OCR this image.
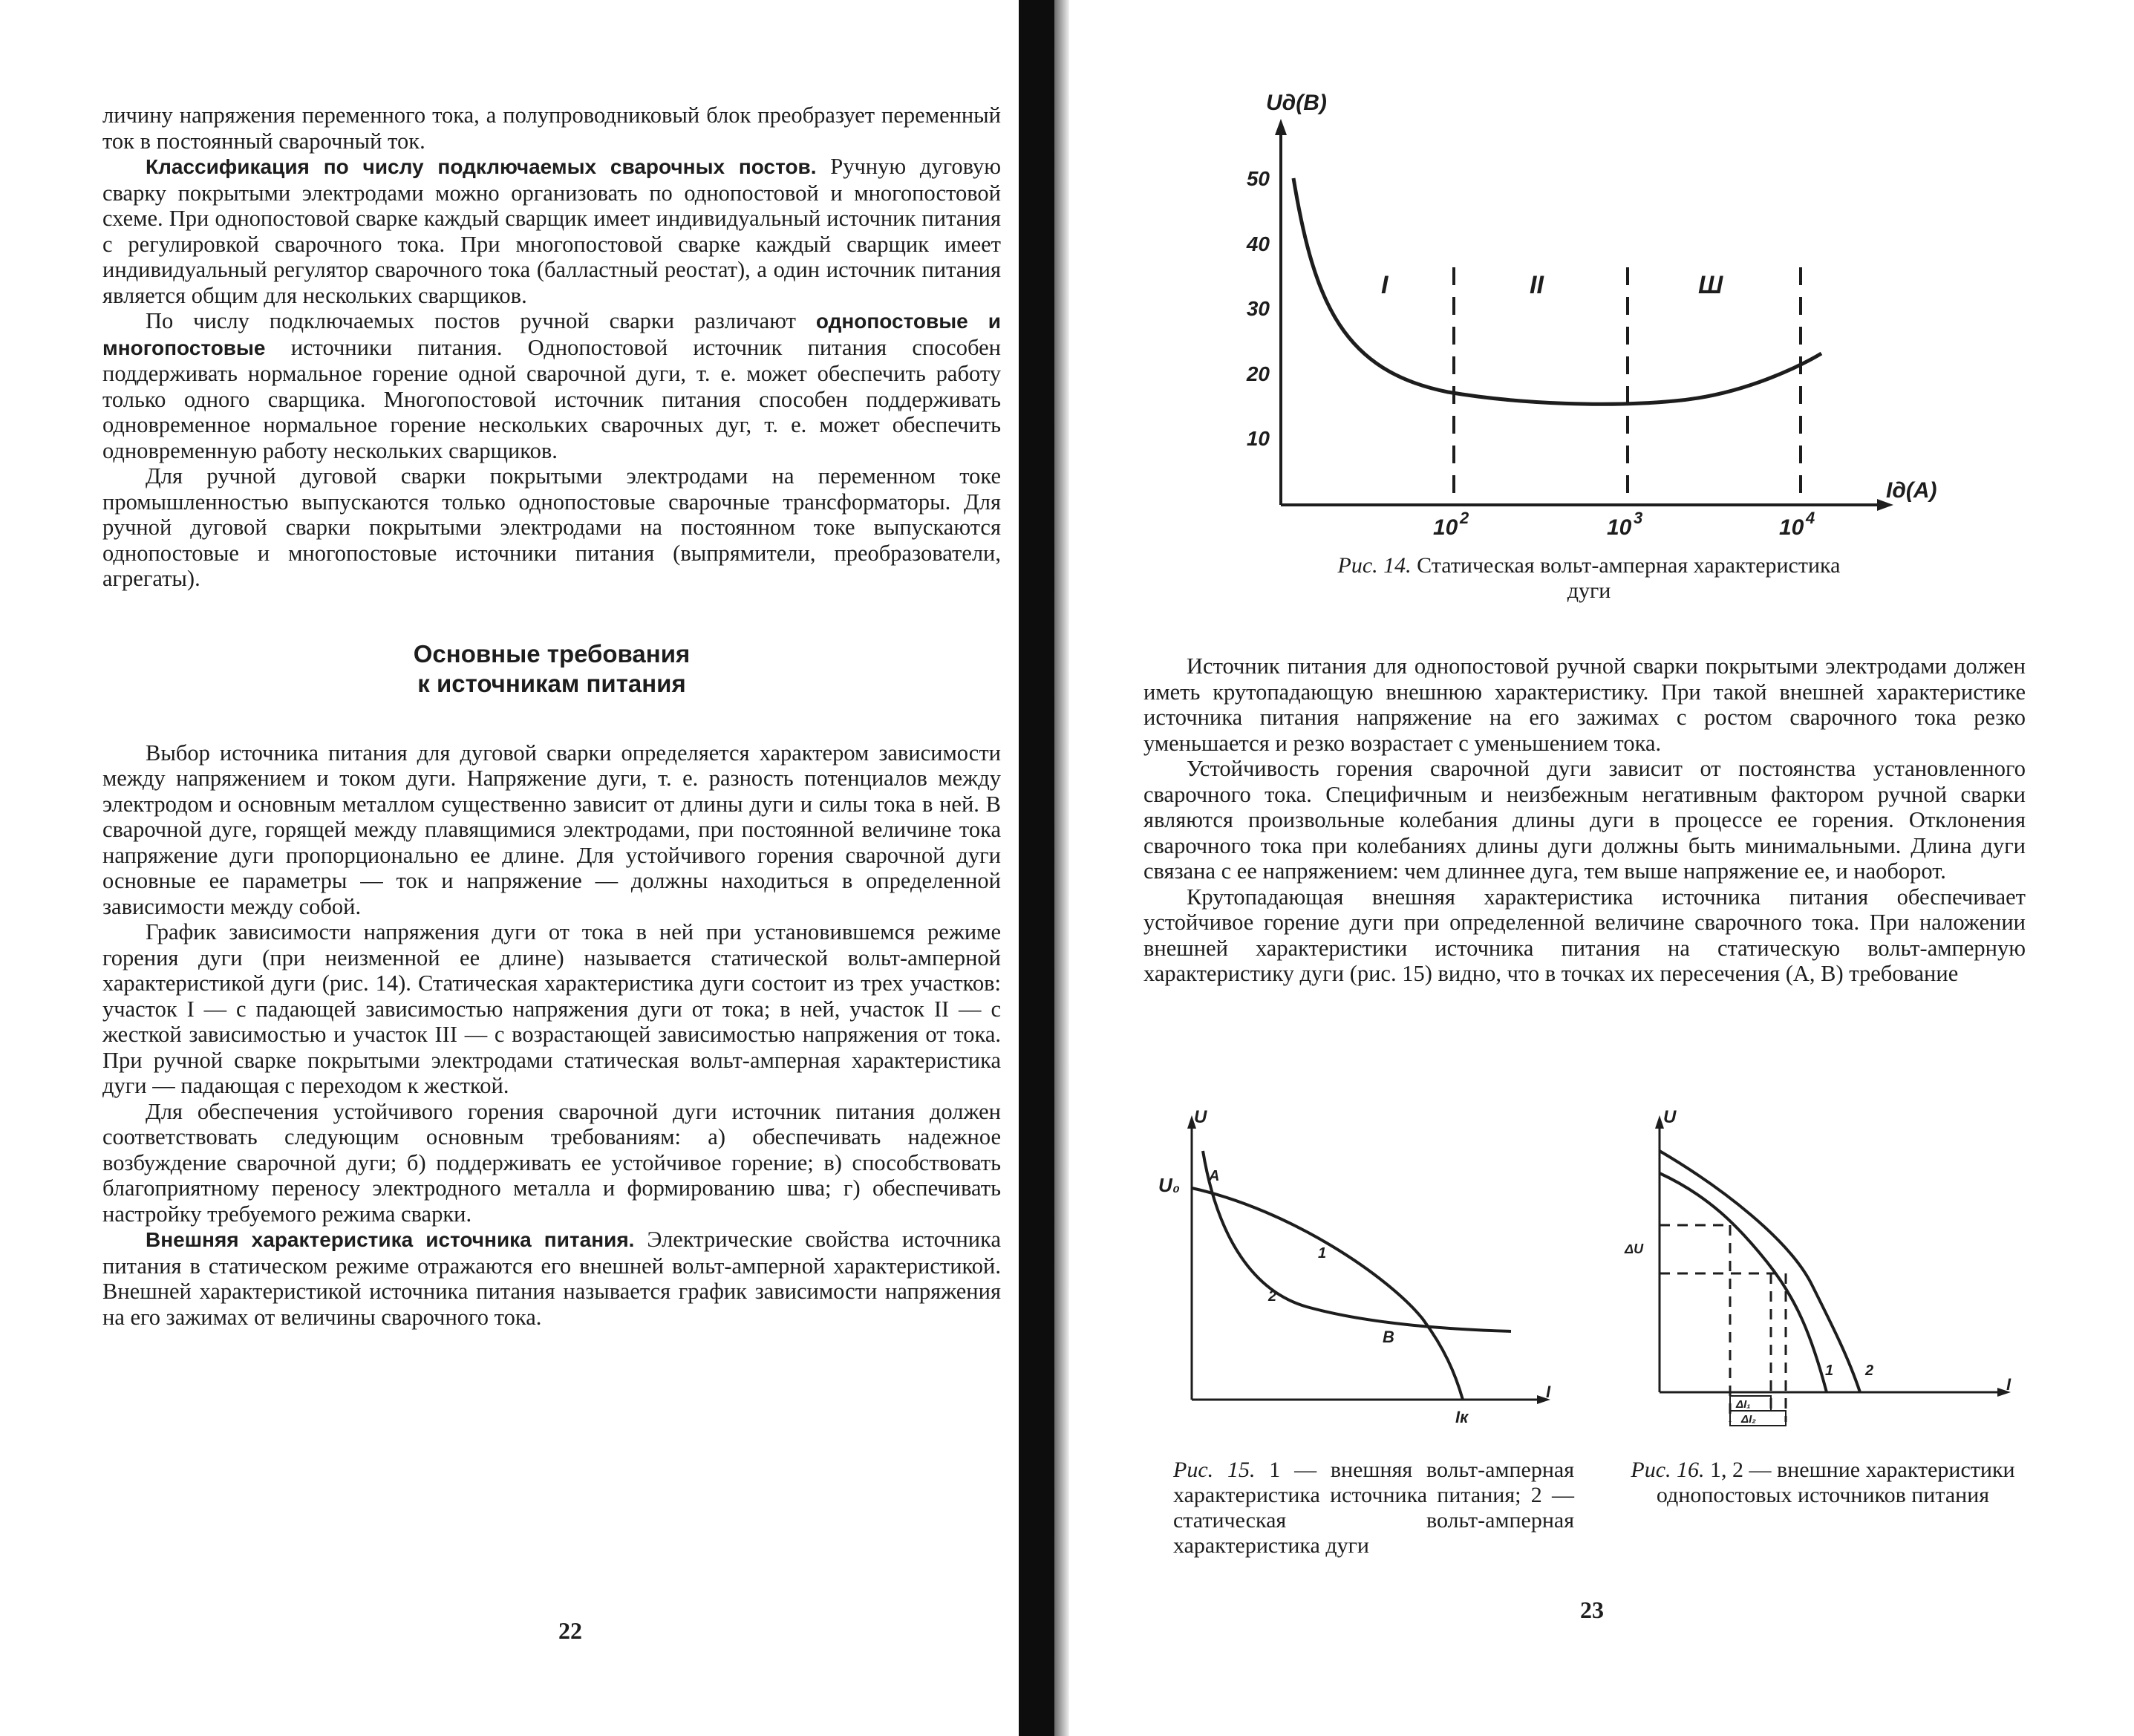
личину напряжения переменного тока, а полупроводниковый блок преобразует переменный ток в постоянный сварочный ток.

Классификация по числу подключаемых сварочных постов. Ручную дуговую сварку покрытыми электродами можно организовать по однопостовой и многопостовой схеме. При однопостовой сварке каждый сварщик имеет индивидуальный источник питания с регулировкой сварочного тока. При многопостовой сварке каждый сварщик имеет индивидуальный регулятор сварочного тока (балластный реостат), а один источник питания является общим для нескольких сварщиков.

По числу подключаемых постов ручной сварки различают однопостовые и многопостовые источники питания. Однопостовой источник питания способен поддерживать нормальное горение одной сварочной дуги, т. е. может обеспечить работу только одного сварщика. Многопостовой источник питания способен поддерживать одновременное нормальное горение нескольких сварочных дуг, т. е. может обеспечить одновременную работу нескольких сварщиков.

Для ручной дуговой сварки покрытыми электродами на переменном токе промышленностью выпускаются только однопостовые сварочные трансформаторы. Для ручной дуговой сварки покрытыми электродами на постоянном токе выпускаются однопостовые и многопостовые источники питания (выпрямители, преобразователи, агрегаты).

Основные требования
к источникам питания

Выбор источника питания для дуговой сварки определяется характером зависимости между напряжением и током дуги. Напряжение дуги, т. е. разность потенциалов между электродом и основным металлом существенно зависит от длины дуги и силы тока в ней. В сварочной дуге, горящей между плавящимися электродами, при постоянной величине тока напряжение дуги пропорционально ее длине. Для устойчивого горения сварочной дуги основные ее параметры — ток и напряжение — должны находиться в определенной зависимости между собой.

График зависимости напряжения дуги от тока в ней при установившемся режиме горения дуги (при неизменной ее длине) называется статической вольт-амперной характеристикой дуги (рис. 14). Статическая характеристика дуги состоит из трех участков: участок I — с падающей зависимостью напряжения дуги от тока; в ней, участок II — с жесткой зависимостью и участок III — с возрастающей зависимостью напряжения от тока. При ручной сварке покрытыми электродами статическая вольт-амперная характеристика дуги — падающая с переходом к жесткой.

Для обеспечения устойчивого горения сварочной дуги источник питания должен соответствовать следующим основным требованиям: а) обеспечивать надежное возбуждение сварочной дуги; б) поддерживать ее устойчивое горение; в) способствовать благоприятному переносу электродного металла и формированию шва; г) обеспечивать настройку требуемого режима сварки.

Внешняя характеристика источника питания. Электрические свойства источника питания в статическом режиме отражаются его внешней вольт-амперной характеристикой. Внешней характеристикой источника питания называется график зависимости напряжения на его зажимах от величины сварочного тока.

22
Uд(В)
Iд(А)
50
40
30
20
10
10 2	10 3	10 4
I	II	Ш
Рис. 14. Статическая вольт-амперная характеристика
дуги

Источник питания для однопостовой ручной сварки покрытыми электродами должен иметь крутопадающую внешнюю характеристику. При такой внешней характеристике источника питания напряжение на его зажимах с ростом сварочного тока резко уменьшается и резко возрастает с уменьшением тока.

Устойчивость горения сварочной дуги зависит от постоянства установленного сварочного тока. Специфичным и неизбежным негативным фактором ручной сварки являются произвольные колебания длины дуги в процессе ее горения. Отклонения сварочного тока при колебаниях длины дуги должны быть минимальными. Длина дуги связана с ее напряжением: чем длиннее дуга, тем выше напряжение ее, и наоборот.

Крутопадающая внешняя характеристика источника питания обеспечивает устойчивое горение дуги при определенной величине сварочного тока. При наложении внешней характеристики источника питания на статическую вольт-амперную характеристику дуги (рис. 15) видно, что в точках их пересечения (А, В) требование

U
U₀ A
В
1
2
I
Iк
Рис. 15. 1 — внешняя вольт-амперная характеристика источника питания; 2 — статическая вольт-амперная характеристика дуги
ΔU
U
1 2
I
ΔI₁
ΔI₂
Рис. 16. 1, 2 — внешние характеристики однопостовых источников питания
23
